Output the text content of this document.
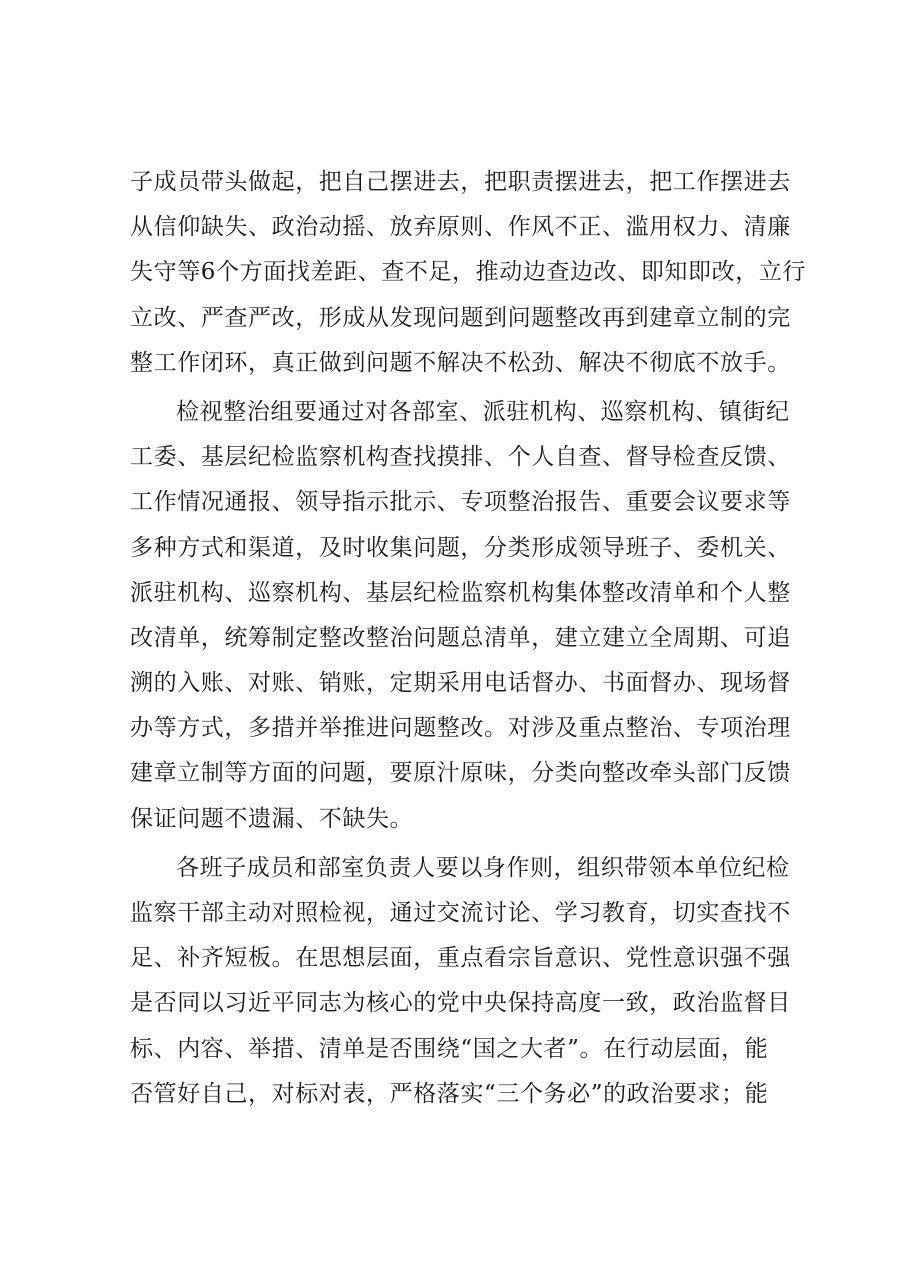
子成员带头做起，把自己摆进去，把职责摆进去，把工作摆进去
从信仰缺失、政治动摇、放弃原则、作风不正、滥用权力、清廉
失守等6个方面找差距、查不足，推动边查边改、即知即改，立行
立改、严查严改，形成从发现问题到问题整改再到建章立制的完
整工作闭环，真正做到问题不解决不松劲、解决不彻底不放手。
检视整治组要通过对各部室、派驻机构、巡察机构、镇街纪
工委、基层纪检监察机构查找摸排、个人自查、督导检查反馈、
工作情况通报、领导指示批示、专项整治报告、重要会议要求等
多种方式和渠道，及时收集问题，分类形成领导班子、委机关、
派驻机构、巡察机构、基层纪检监察机构集体整改清单和个人整
改清单，统筹制定整改整治问题总清单，建立建立全周期、可追
溯的入账、对账、销账，定期采用电话督办、书面督办、现场督
办等方式，多措并举推进问题整改。对涉及重点整治、专项治理
建章立制等方面的问题，要原汁原味，分类向整改牵头部门反馈
保证问题不遗漏、不缺失。
各班子成员和部室负责人要以身作则，组织带领本单位纪检
监察干部主动对照检视，通过交流讨论、学习教育，切实查找不
足、补齐短板。在思想层面，重点看宗旨意识、党性意识强不强
是否同以习近平同志为核心的党中央保持高度一致，政治监督目
标、内容、举措、清单是否围绕“国之大者”。在行动层面，能
否管好自己，对标对表，严格落实“三个务必”的政治要求；能
